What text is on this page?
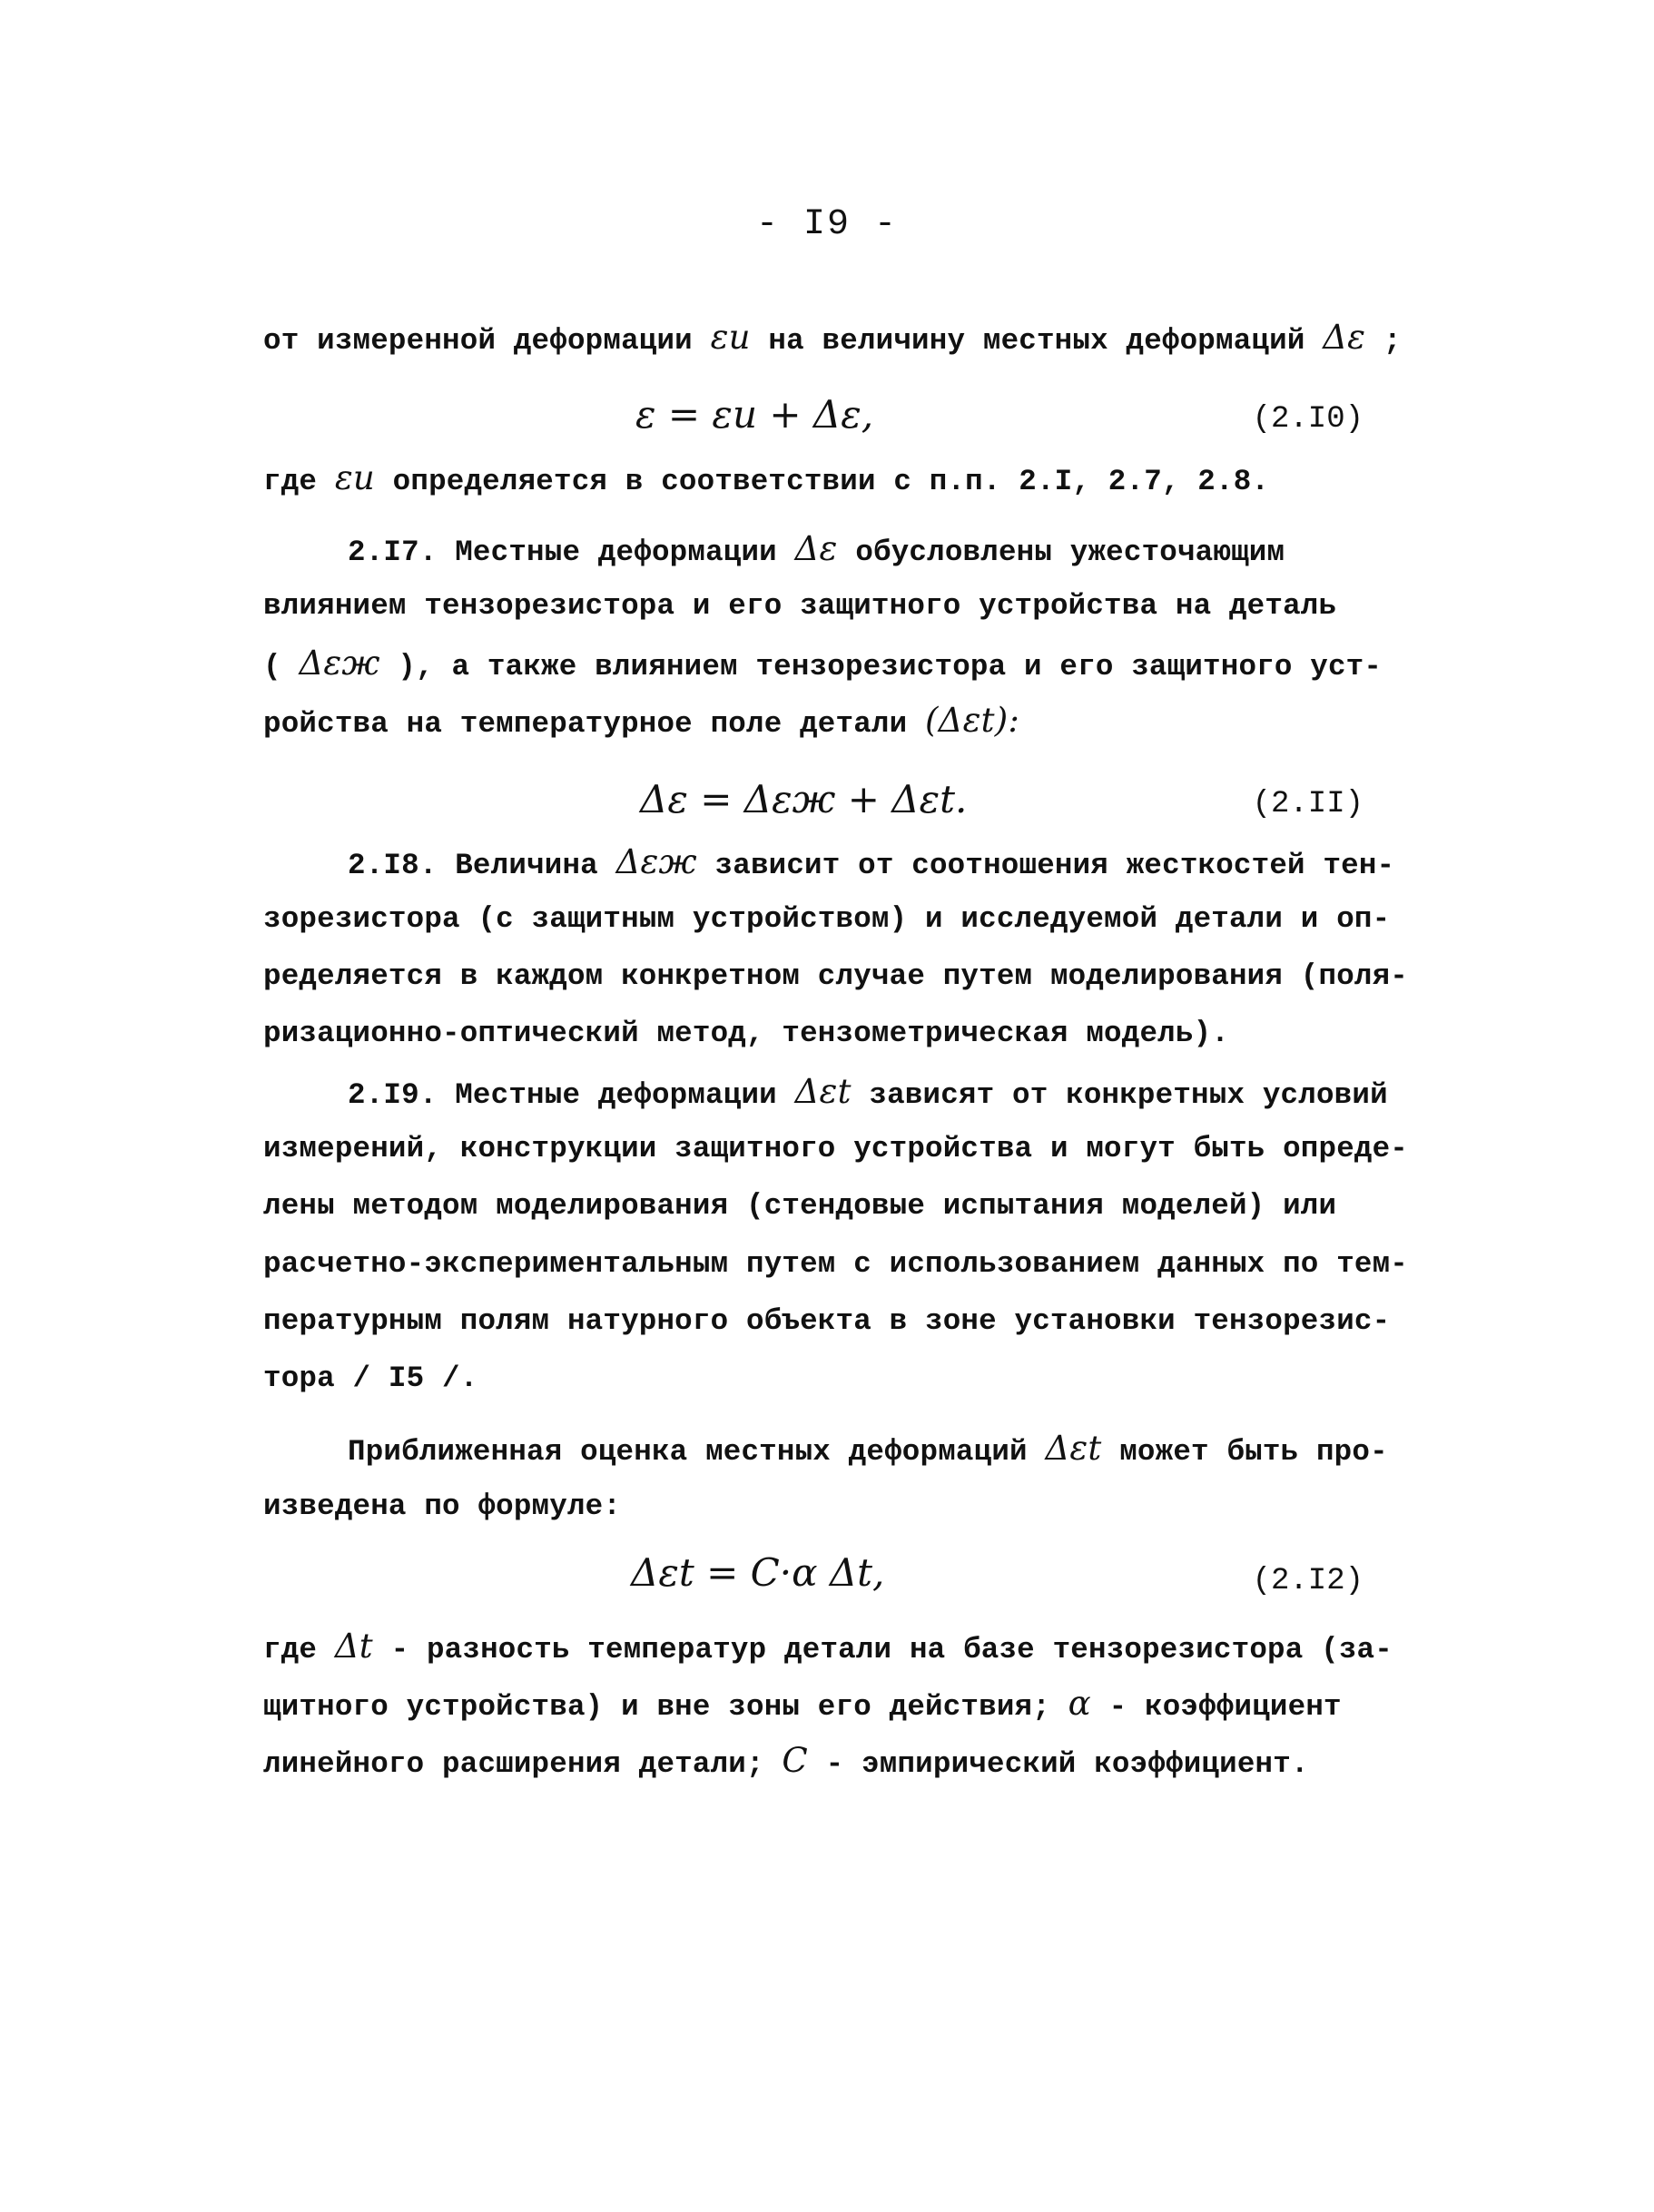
- I9 -
от измеренной деформации εи на величину местных деформаций Δε ;
ε = εи + Δε,	(2.I0)
где εи определяется в соответствии с п.п. 2.I, 2.7, 2.8.
2.I7. Местные деформации Δε обусловлены ужесточающим
влиянием тензорезистора и его защитного устройства на деталь
( Δεж ), а также влиянием тензорезистора и его защитного уст-
ройства на температурное поле детали (Δεt):
Δε = Δεж + Δεt.	(2.II)
2.I8. Величина Δεж зависит от соотношения жесткостей тен-
зорезистора (с защитным устройством) и исследуемой детали и оп-
ределяется в каждом конкретном случае путем моделирования (поля-
ризационно-оптический метод, тензометрическая модель).
2.I9. Местные деформации Δεt зависят от конкретных условий
измерений, конструкции защитного устройства и могут быть опреде-
лены методом моделирования (стендовые испытания моделей) или
расчетно-экспериментальным путем с использованием данных по тем-
пературным полям натурного объекта в зоне установки тензорезис-
тора / I5 /.
Приближенная оценка местных деформаций Δεt может быть про-
изведена по формуле:
Δεt = C·α Δt,	(2.I2)
где Δt - разность температур детали на базе тензорезистора (за-
щитного устройства) и вне зоны его действия; α - коэффициент
линейного расширения детали; C - эмпирический коэффициент.
